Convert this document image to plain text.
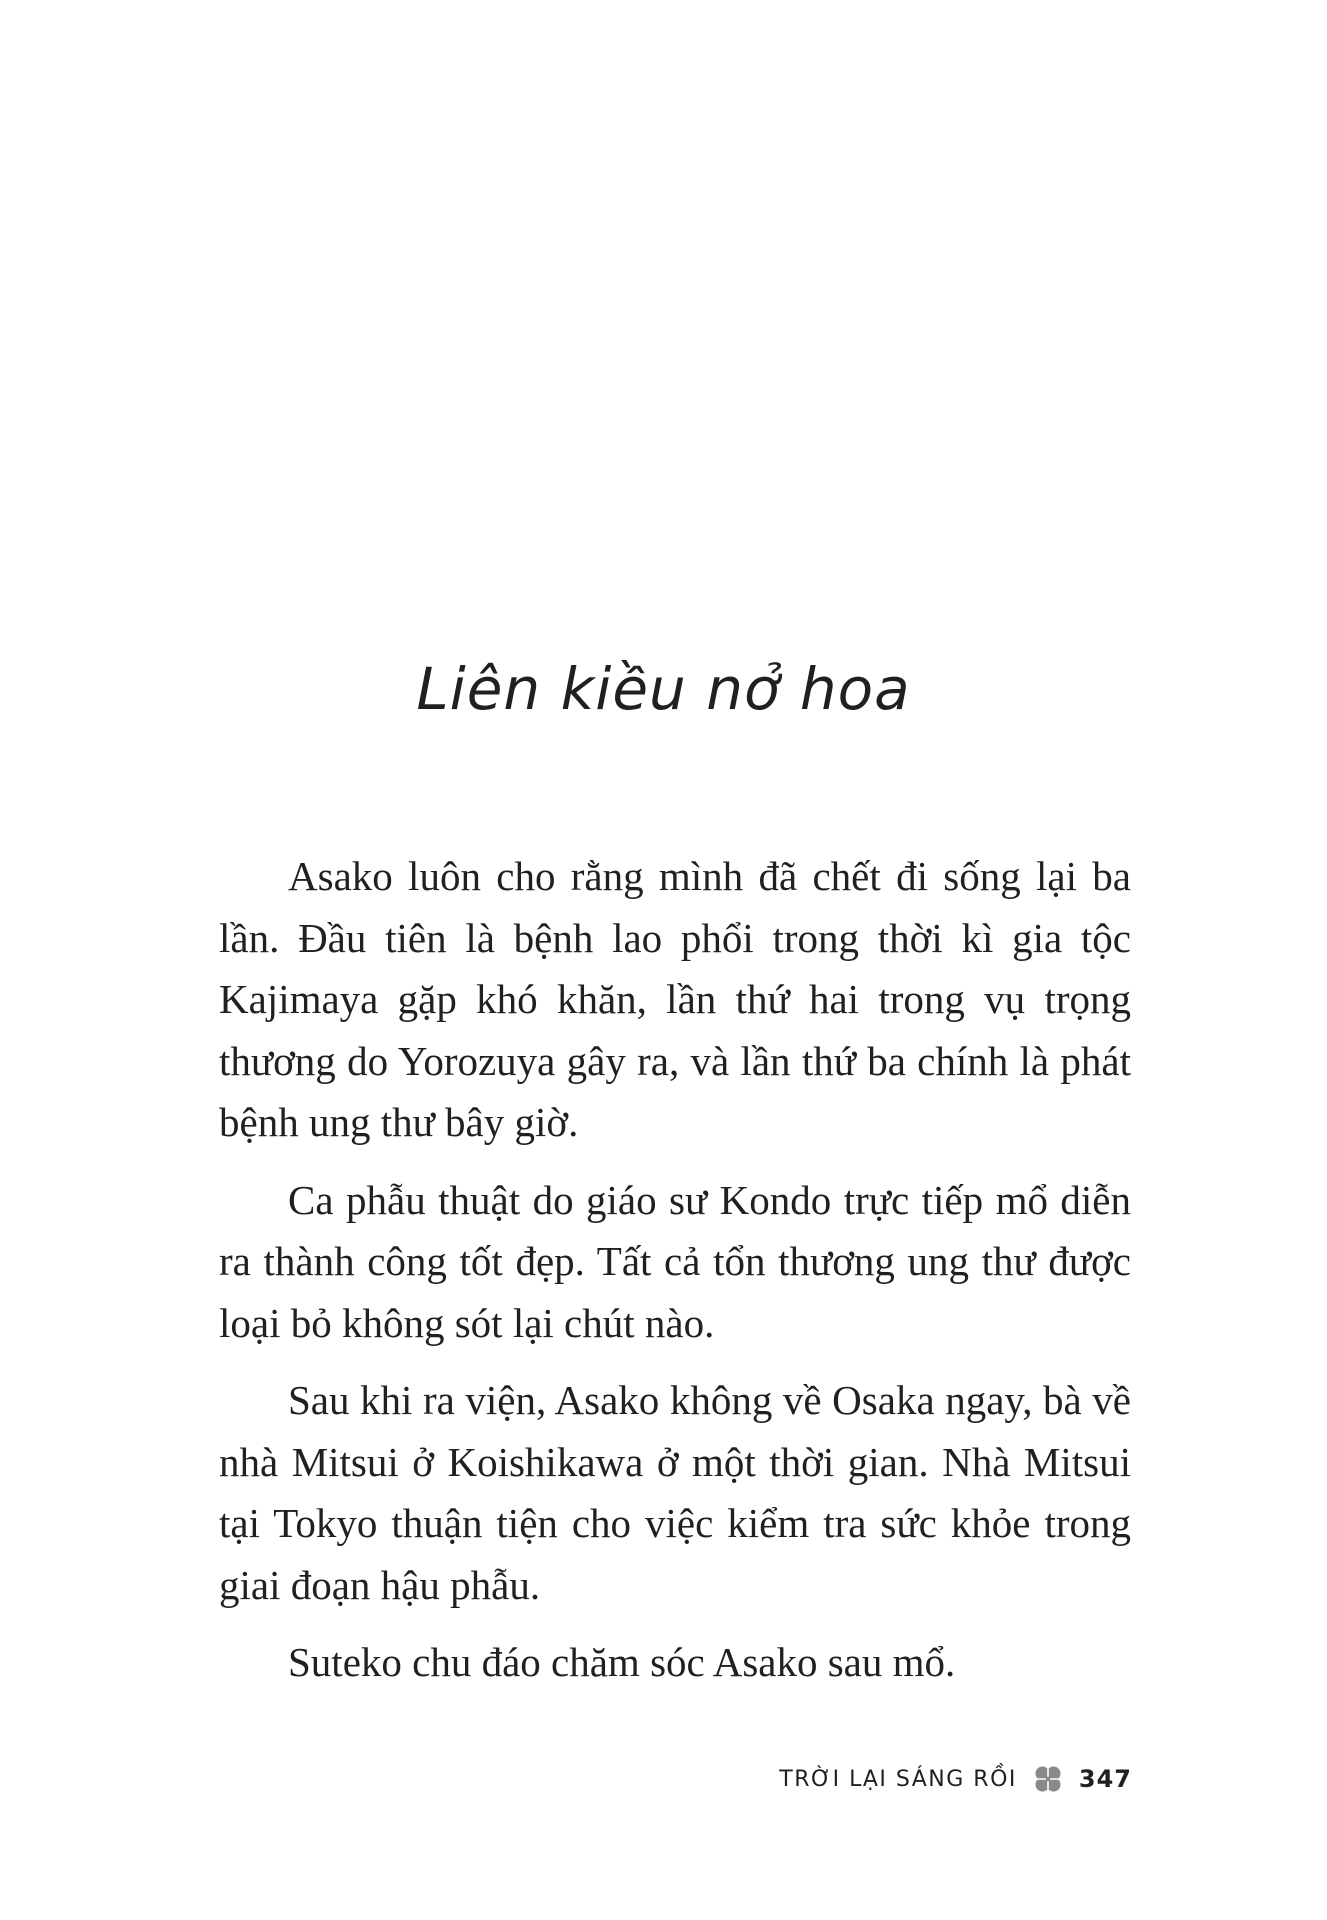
Liên kiều nở hoa

Asako luôn cho rằng mình đã chết đi sống lại ba lần. Đầu tiên là bệnh lao phổi trong thời kì gia tộc Kajimaya gặp khó khăn, lần thứ hai trong vụ trọng thương do Yorozuya gây ra, và lần thứ ba chính là phát bệnh ung thư bây giờ.

Ca phẫu thuật do giáo sư Kondo trực tiếp mổ diễn ra thành công tốt đẹp. Tất cả tổn thương ung thư được loại bỏ không sót lại chút nào.

Sau khi ra viện, Asako không về Osaka ngay, bà về nhà Mitsui ở Koishikawa ở một thời gian. Nhà Mitsui tại Tokyo thuận tiện cho việc kiểm tra sức khỏe trong giai đoạn hậu phẫu.

Suteko chu đáo chăm sóc Asako sau mổ.

TRỜI LẠI SÁNG RỒI	347
